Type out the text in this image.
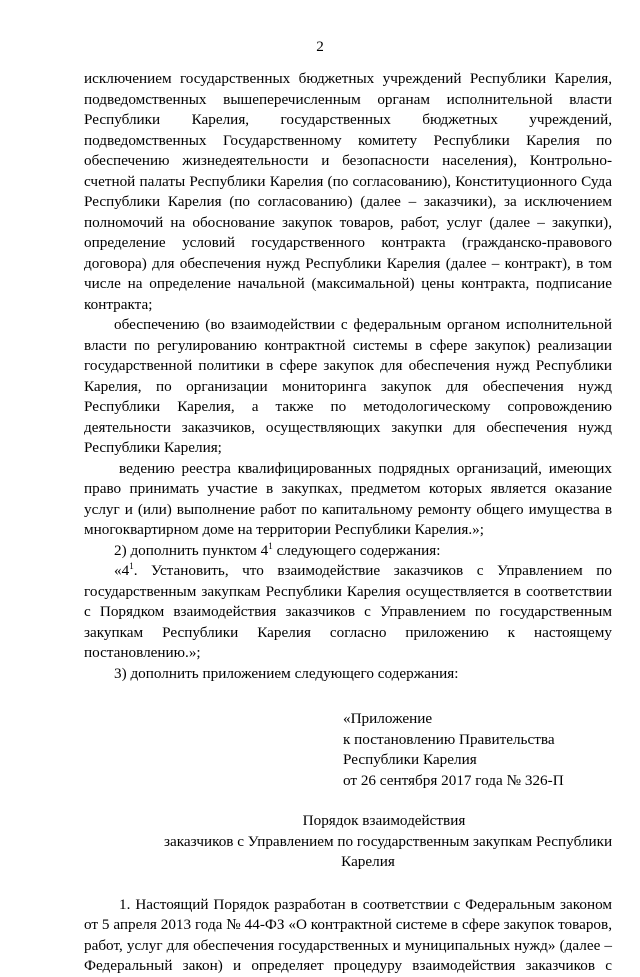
2
исключением государственных бюджетных учреждений Республики Карелия,
подведомственных вышеперечисленным органам исполнительной власти
Республики Карелия, государственных бюджетных учреждений,
подведомственных Государственному комитету Республики Карелия по
обеспечению жизнедеятельности и безопасности населения), Контрольно-
счетной палаты Республики Карелия (по согласованию), Конституционного Суда
Республики Карелия (по согласованию) (далее – заказчики), за исключением
полномочий на обоснование закупок товаров, работ, услуг (далее – закупки),
определение условий государственного контракта (гражданско-правового
договора) для обеспечения нужд Республики Карелия (далее – контракт), в том
числе на определение начальной (максимальной) цены контракта, подписание
контракта;
обеспечению (во взаимодействии с федеральным органом исполнительной
власти по регулированию контрактной системы в сфере закупок) реализации
государственной политики в сфере закупок для обеспечения нужд Республики
Карелия, по организации мониторинга закупок для обеспечения нужд
Республики Карелия, а также по методологическому сопровождению
деятельности заказчиков, осуществляющих закупки для обеспечения нужд
Республики Карелия;
ведению реестра квалифицированных подрядных организаций, имеющих
право принимать участие в закупках, предметом которых является оказание
услуг и (или) выполнение работ по капитальному ремонту общего имущества в
многоквартирном доме на территории Республики Карелия.»;
2) дополнить пунктом $4^1$ следующего содержания:
«$4^1$. Установить, что взаимодействие заказчиков с Управлением по
государственным закупкам Республики Карелия осуществляется в соответствии
с Порядком взаимодействия заказчиков с Управлением по государственным
закупкам Республики Карелия согласно приложению к настоящему
постановлению.»;
3) дополнить приложением следующего содержания:
«Приложение
к постановлению Правительства
Республики Карелия
от 26 сентября 2017 года № 326-П
Порядок взаимодействия
заказчиков с Управлением по государственным закупкам Республики
Карелия
1. Настоящий Порядок разработан в соответствии с Федеральным законом
от 5 апреля 2013 года № 44-ФЗ «О контрактной системе в сфере закупок товаров,
работ, услуг для обеспечения государственных и муниципальных нужд» (далее –
Федеральный закон) и определяет процедуру взаимодействия заказчиков с
